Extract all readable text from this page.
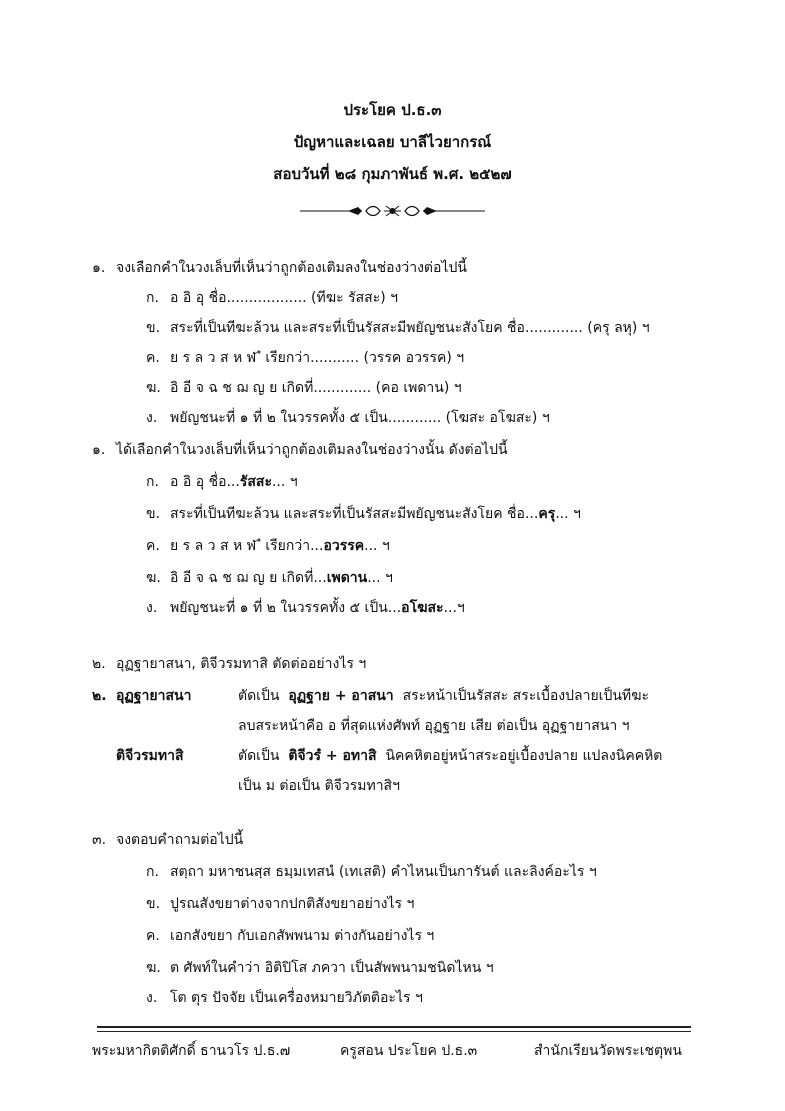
ประโยค ป.ธ.๓
ปัญหาและเฉลย บาลีไวยากรณ์
สอบวันที่ ๒๘ กุมภาพันธ์ พ.ศ. ๒๕๒๗
๑. จงเลือกคำในวงเล็บที่เห็นว่าถูกต้องเติมลงในช่องว่างต่อไปนี้
ก. อ อิ อุ ชื่อ.................. (ทีฆะ รัสสะ) ฯ
ข. สระที่เป็นทีฆะล้วน และสระที่เป็นรัสสะมีพยัญชนะสังโยค ชื่อ............. (ครุ ลหุ) ฯ
ค. ย ร ล ว ส ห ฬ ํ เรียกว่า........... (วรรค อวรรค) ฯ
ฆ. อิ อี จ ฉ ช ฌ ญ ย เกิดที่............. (คอ เพดาน) ฯ
ง. พยัญชนะที่ ๑ ที่ ๒ ในวรรคทั้ง ๕ เป็น............ (โฆสะ อโฆสะ) ฯ
๑. ได้เลือกคำในวงเล็บที่เห็นว่าถูกต้องเติมลงในช่องว่างนั้น ดังต่อไปนี้
ก. อ อิ อุ ชื่อ...รัสสะ... ฯ
ข. สระที่เป็นทีฆะล้วน และสระที่เป็นรัสสะมีพยัญชนะสังโยค ชื่อ...ครุ... ฯ
ค. ย ร ล ว ส ห ฬ ํ เรียกว่า...อวรรค... ฯ
ฆ. อิ อี จ ฉ ช ฌ ญ ย เกิดที่...เพดาน... ฯ
ง. พยัญชนะที่ ๑ ที่ ๒ ในวรรคทั้ง ๕ เป็น...อโฆสะ...ฯ
๒. อุฏฐายาสนา, ติจีวรมทาสิ ตัดต่ออย่างไร ฯ
๒. อุฏฐายาสนา	ตัดเป็น อุฏฐาย + อาสนา สระหน้าเป็นรัสสะ สระเบื้องปลายเป็นทีฆะ
ลบสระหน้าคือ อ ที่สุดแห่งศัพท์ อุฏฐาย เสีย ต่อเป็น อุฏฐายาสนา ฯ
ติจีวรมทาสิ	ตัดเป็น ติจีวรํ + อทาสิ นิคคหิตอยู่หน้าสระอยู่เบื้องปลาย แปลงนิคคหิต
เป็น ม ต่อเป็น ติจีวรมทาสิฯ
๓. จงตอบคำถามต่อไปนี้
ก. สตฺถา มหาชนสฺส ธมฺมเทสนํ (เทเสติ) คำไหนเป็นการันต์ และลิงค์อะไร ฯ
ข. ปูรณสังขยาต่างจากปกติสังขยาอย่างไร ฯ
ค. เอกสังขยา กับเอกสัพพนาม ต่างกันอย่างไร ฯ
ฆ. ต ศัพท์ในคำว่า อิติปิโส ภควา เป็นสัพพนามชนิดไหน ฯ
ง. โต ตุร ปัจจัย เป็นเครื่องหมายวิภัตติอะไร ฯ
พระมหากิตติศักดิ์ ธานวโร ป.ธ.๗	ครูสอน ประโยค ป.ธ.๓	สำนักเรียนวัดพระเชตุพน
